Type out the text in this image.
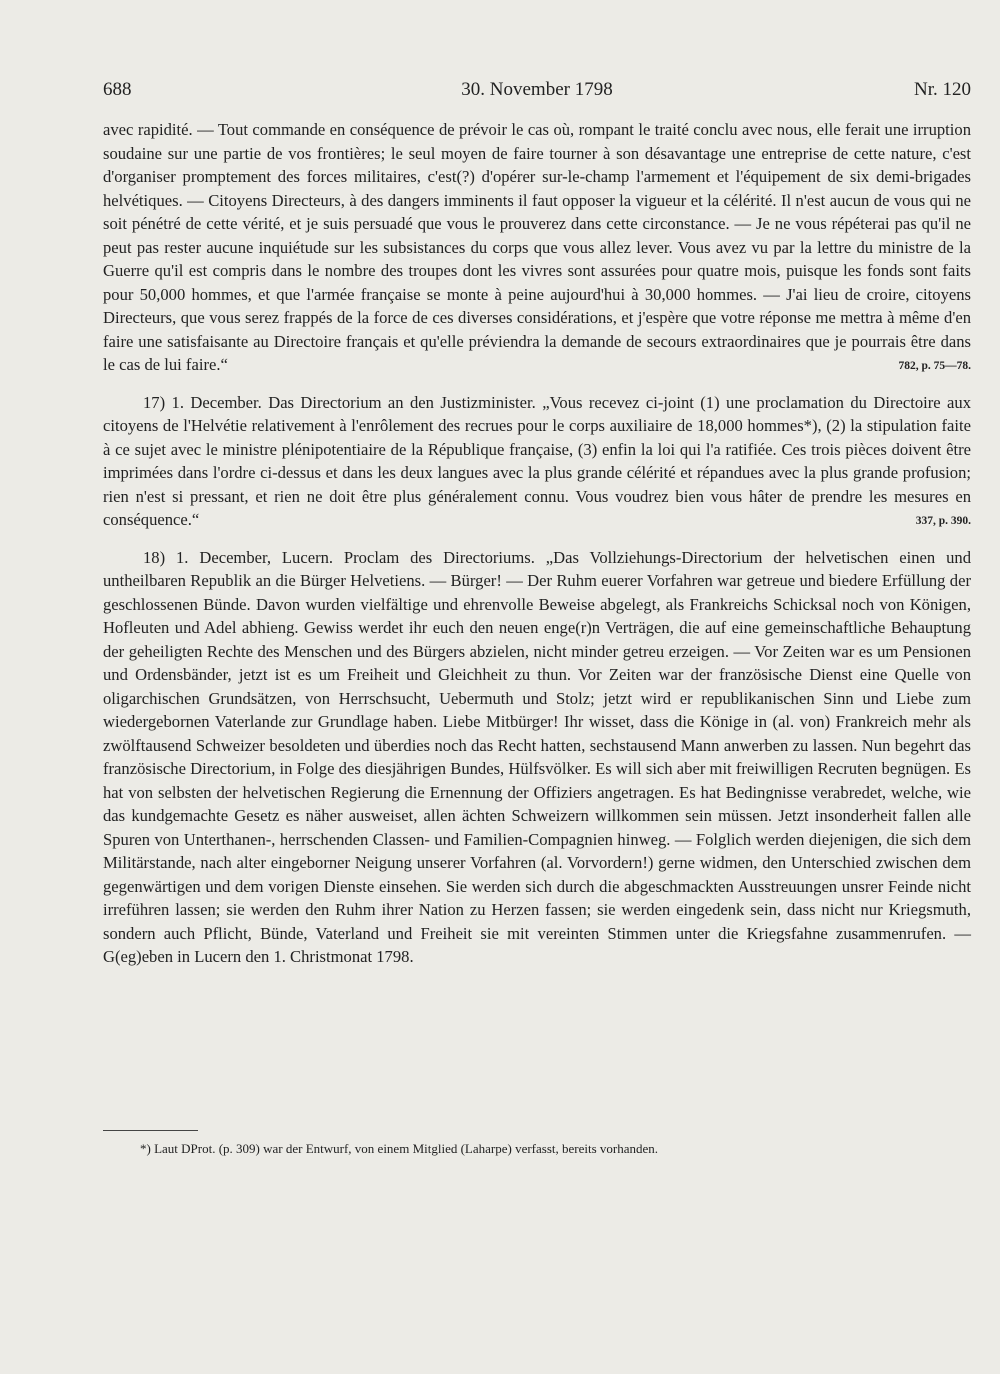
688	30. November 1798	Nr. 120

avec rapidité. — Tout commande en conséquence de prévoir le cas où, rompant le traité conclu avec nous, elle ferait une irruption soudaine sur une partie de vos frontières; le seul moyen de faire tourner à son désavantage une entreprise de cette nature, c'est d'organiser promptement des forces militaires, c'est(?) d'opérer sur-le-champ l'armement et l'équipement de six demi-brigades helvétiques. — Citoyens Directeurs, à des dangers imminents il faut opposer la vigueur et la célérité. Il n'est aucun de vous qui ne soit pénétré de cette vérité, et je suis persuadé que vous le prouverez dans cette circonstance. — Je ne vous répéterai pas qu'il ne peut pas rester aucune inquiétude sur les subsistances du corps que vous allez lever. Vous avez vu par la lettre du ministre de la Guerre qu'il est compris dans le nombre des troupes dont les vivres sont assurées pour quatre mois, puisque les fonds sont faits pour 50,000 hommes, et que l'armée française se monte à peine aujourd'hui à 30,000 hommes. — J'ai lieu de croire, citoyens Directeurs, que vous serez frappés de la force de ces diverses considérations, et j'espère que votre réponse me mettra à même d'en faire une satisfaisante au Directoire français et qu'elle préviendra la demande de secours extraordinaires que je pourrais être dans le cas de lui faire.“	782, p. 75—78.

17) 1. December. Das Directorium an den Justizminister. „Vous recevez ci-joint (1) une proclamation du Directoire aux citoyens de l'Helvétie relativement à l'enrôlement des recrues pour le corps auxiliaire de 18,000 hommes*), (2) la stipulation faite à ce sujet avec le ministre plénipotentiaire de la République française, (3) enfin la loi qui l'a ratifiée. Ces trois pièces doivent être imprimées dans l'ordre ci-dessus et dans les deux langues avec la plus grande célérité et répandues avec la plus grande profusion; rien n'est si pressant, et rien ne doit être plus généralement connu. Vous voudrez bien vous hâter de prendre les mesures en conséquence.“	337, p. 390.

18) 1. December, Lucern. Proclam des Directoriums. „Das Vollziehungs-Directorium der helvetischen einen und untheilbaren Republik an die Bürger Helvetiens. — Bürger! — Der Ruhm euerer Vorfahren war getreue und biedere Erfüllung der geschlossenen Bünde. Davon wurden vielfältige und ehrenvolle Beweise abgelegt, als Frankreichs Schicksal noch von Königen, Hofleuten und Adel abhieng. Gewiss werdet ihr euch den neuen enge(r)n Verträgen, die auf eine gemeinschaftliche Behauptung der geheiligten Rechte des Menschen und des Bürgers abzielen, nicht minder getreu erzeigen. — Vor Zeiten war es um Pensionen und Ordensbänder, jetzt ist es um Freiheit und Gleichheit zu thun. Vor Zeiten war der französische Dienst eine Quelle von oligarchischen Grundsätzen, von Herrschsucht, Uebermuth und Stolz; jetzt wird er republikanischen Sinn und Liebe zum wiedergebornen Vaterlande zur Grundlage haben. Liebe Mitbürger! Ihr wisset, dass die Könige in (al. von) Frankreich mehr als zwölftausend Schweizer besoldeten und überdies noch das Recht hatten, sechstausend Mann anwerben zu lassen. Nun begehrt das französische Directorium, in Folge des diesjährigen Bundes, Hülfsvölker. Es will sich aber mit freiwilligen Recruten begnügen. Es hat von selbsten der helvetischen Regierung die Ernennung der Offiziers angetragen. Es hat Bedingnisse verabredet, welche, wie das kundgemachte Gesetz es näher ausweiset, allen ächten Schweizern willkommen sein müssen. Jetzt insonderheit fallen alle Spuren von Unterthanen-, herrschenden Classen- und Familien-Compagnien hinweg. — Folglich werden diejenigen, die sich dem Militärstande, nach alter eingeborner Neigung unserer Vorfahren (al. Vorvordern!) gerne widmen, den Unterschied zwischen dem gegenwärtigen und dem vorigen Dienste einsehen. Sie werden sich durch die abgeschmackten Ausstreuungen unsrer Feinde nicht irreführen lassen; sie werden den Ruhm ihrer Nation zu Herzen fassen; sie werden eingedenk sein, dass nicht nur Kriegsmuth, sondern auch Pflicht, Bünde, Vaterland und Freiheit sie mit vereinten Stimmen unter die Kriegsfahne zusammenrufen. — G(eg)eben in Lucern den 1. Christmonat 1798.

*) Laut DProt. (p. 309) war der Entwurf, von einem Mitglied (Laharpe) verfasst, bereits vorhanden.
